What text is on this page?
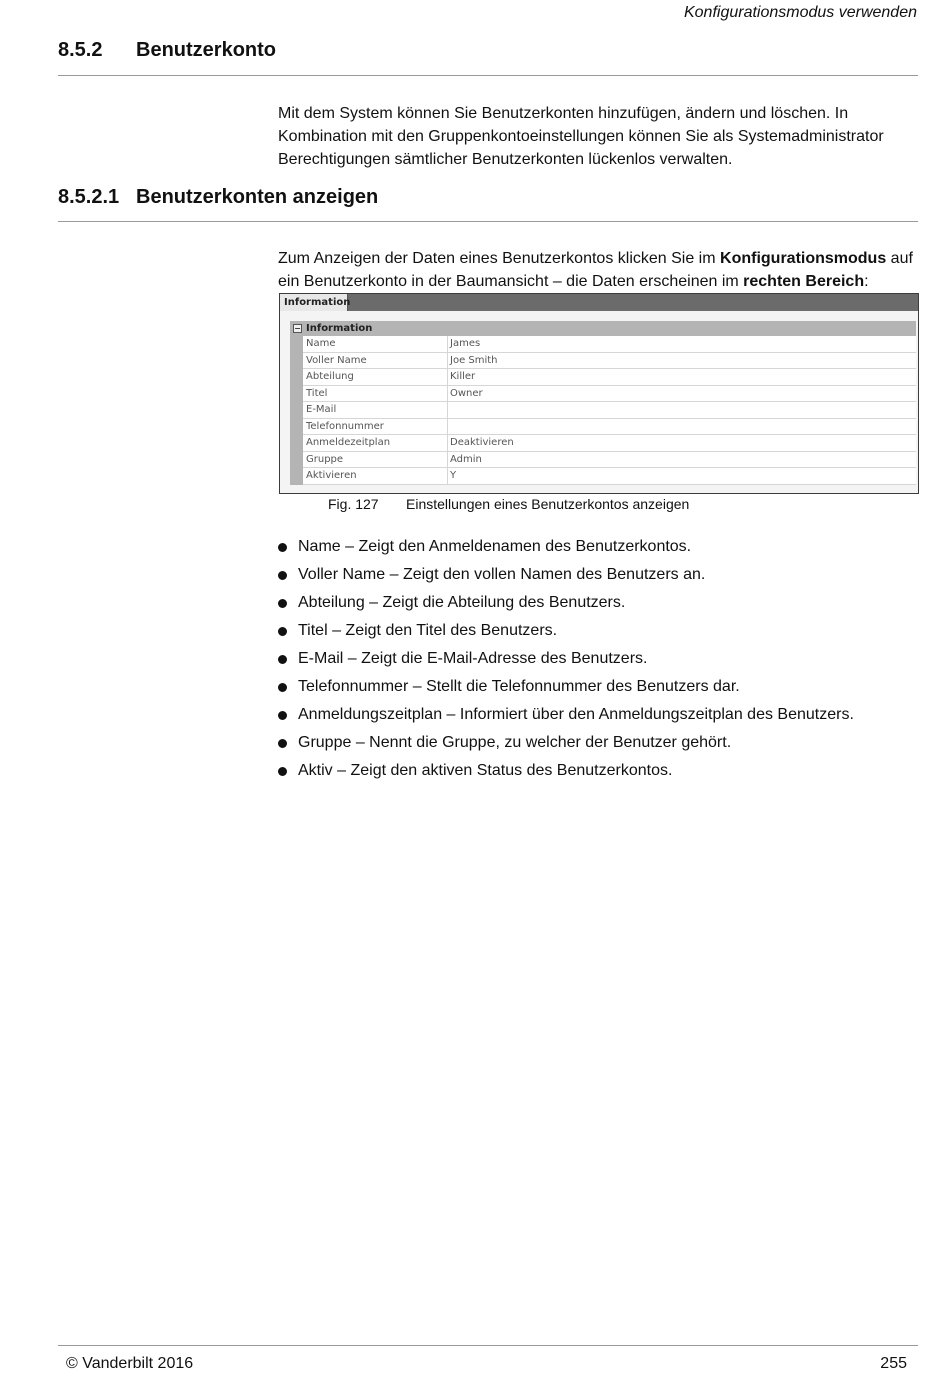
Konfigurationsmodus verwenden
8.5.2 Benutzerkonto
Mit dem System können Sie Benutzerkonten hinzufügen, ändern und löschen. In Kombination mit den Gruppenkontoeinstellungen können Sie als Systemadministrator Berechtigungen sämtlicher Benutzerkonten lückenlos verwalten.
8.5.2.1 Benutzerkonten anzeigen
Zum Anzeigen der Daten eines Benutzerkontos klicken Sie im Konfigurationsmodus auf ein Benutzerkonto in der Baumansicht – die Daten erscheinen im rechten Bereich:
Information
− Information
Name	James
Voller Name	Joe Smith
Abteilung	Killer
Titel	Owner
E-Mail
Telefonnummer
Anmeldezeitplan	Deaktivieren
Gruppe	Admin
Aktivieren	Y
Fig. 127 Einstellungen eines Benutzerkontos anzeigen
Name – Zeigt den Anmeldenamen des Benutzerkontos.
Voller Name – Zeigt den vollen Namen des Benutzers an.
Abteilung – Zeigt die Abteilung des Benutzers.
Titel – Zeigt den Titel des Benutzers.
E-Mail – Zeigt die E-Mail-Adresse des Benutzers.
Telefonnummer – Stellt die Telefonnummer des Benutzers dar.
Anmeldungszeitplan – Informiert über den Anmeldungszeitplan des Benutzers.
Gruppe – Nennt die Gruppe, zu welcher der Benutzer gehört.
Aktiv – Zeigt den aktiven Status des Benutzerkontos.
© Vanderbilt 2016	255
